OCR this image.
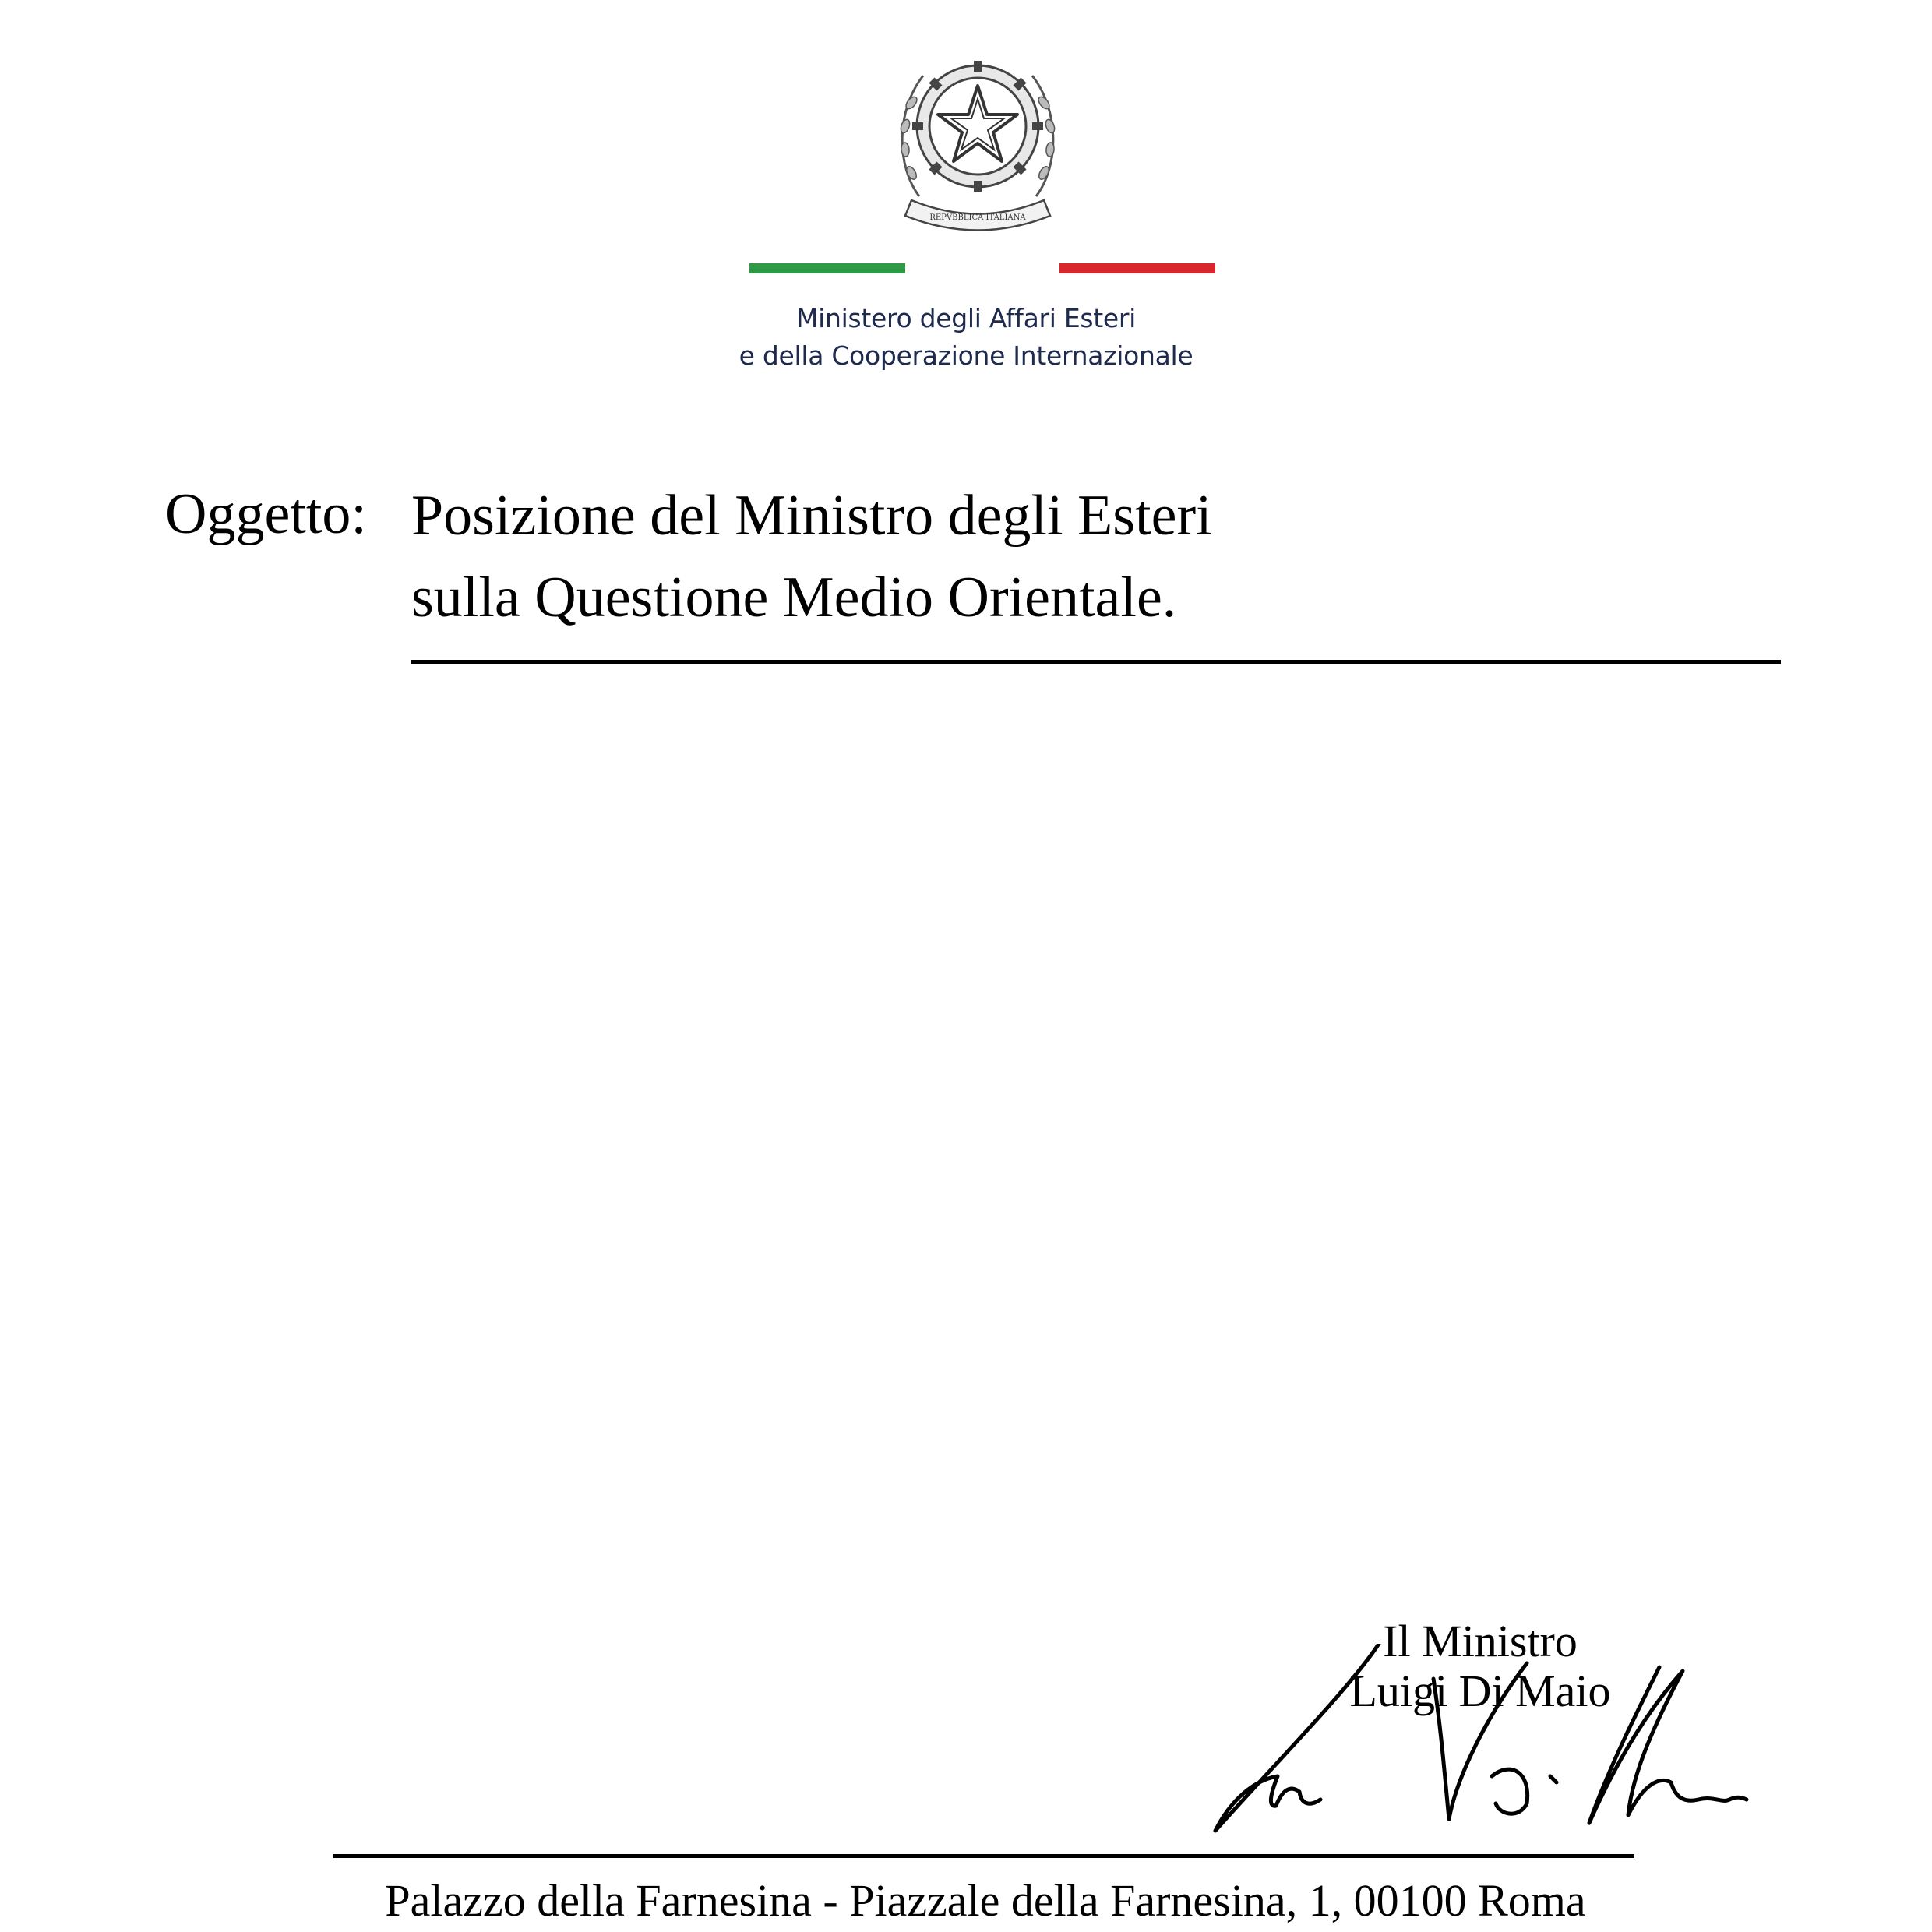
REPVBBLICA ITALIANA
Ministero degli Affari Esteri
e della Cooperazione Internazionale
Oggetto: Posizione del Ministro degli Esteri
sulla Questione Medio Orientale.
Il Ministro
Luigi Di Maio
Palazzo della Farnesina - Piazzale della Farnesina, 1, 00100 Roma
